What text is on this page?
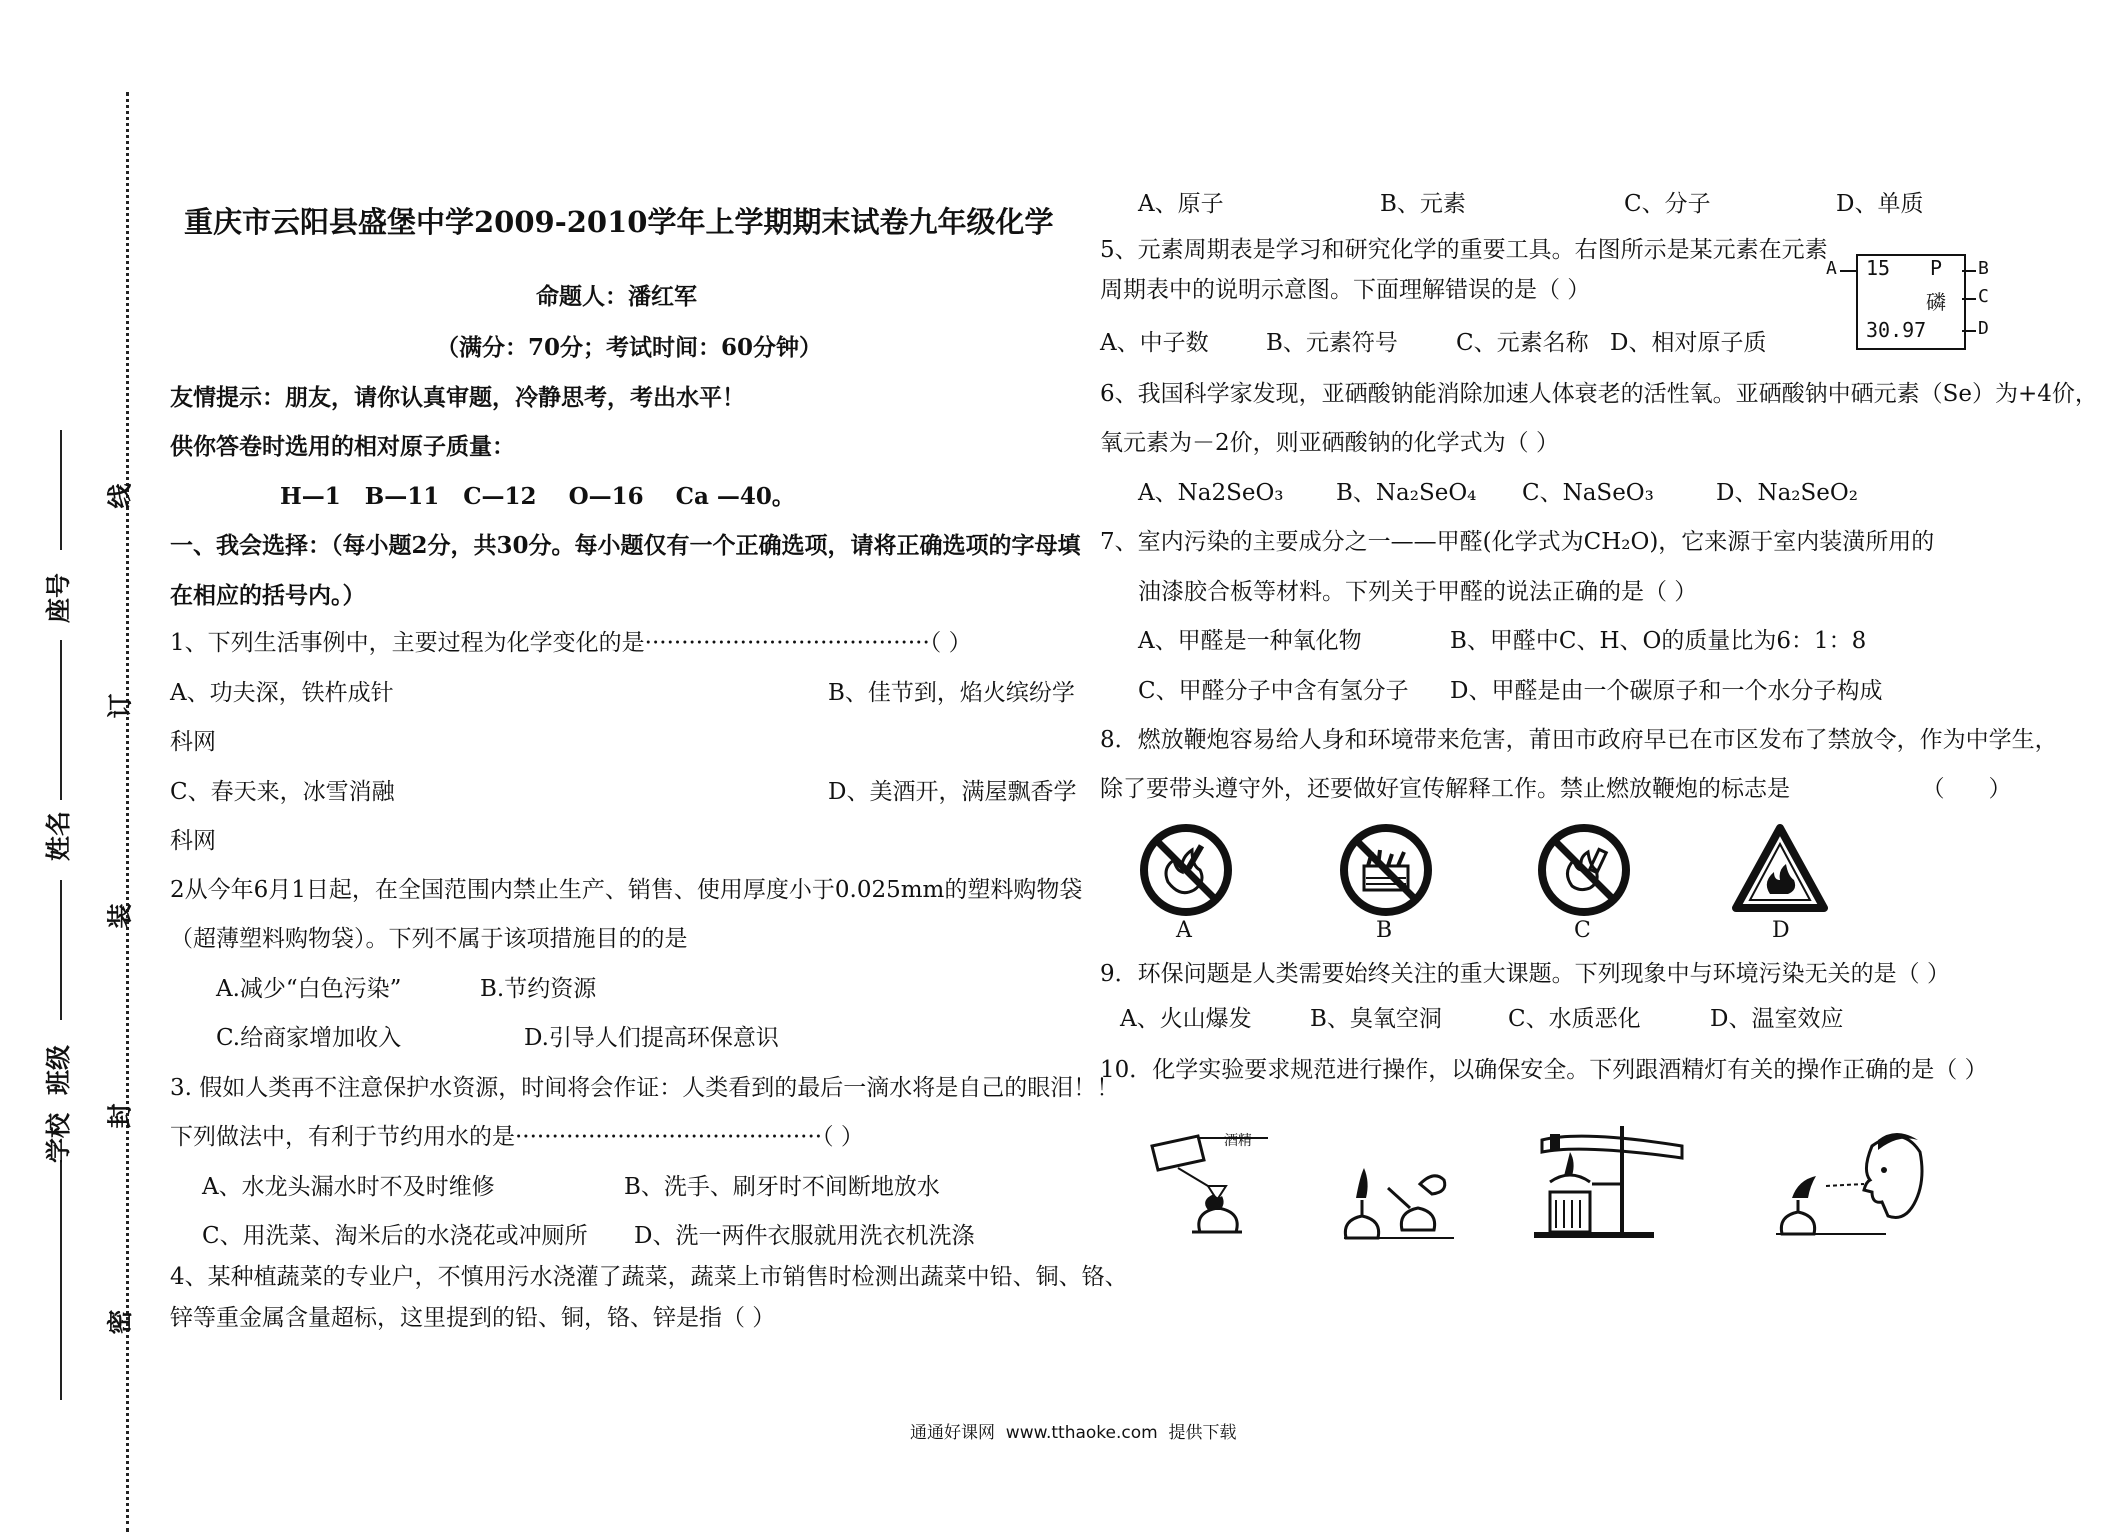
线
订
装
封
密
座号
姓名
班级
学校
重庆市云阳县盛堡中学2009-2010学年上学期期末试卷九年级化学
命题人：潘红军
（满分：70分；考试时间：60分钟）
友情提示：朋友，请你认真审题，冷静思考，考出水平！
供你答卷时选用的相对原子质量：
H—1   B—11   C—12    O—16    Ca —40。
一、我会选择：（每小题2分，共30分。每小题仅有一个正确选项，请将正确选项的字母填
在相应的括号内。）
1、下列生活事例中，主要过程为化学变化的是·······································（ ）
A、功夫深，铁杵成针	B、佳节到，焰火缤纷学
科网
C、春天来，冰雪消融	D、美酒开，满屋飘香学
科网
2从今年6月1日起，在全国范围内禁止生产、销售、使用厚度小于0.025mm的塑料购物袋
（超薄塑料购物袋）。下列不属于该项措施目的的是
A.减少“白色污染”	B.节约资源
C.给商家增加收入	D.引导人们提高环保意识
3. 假如人类再不注意保护水资源，时间将会作证：人类看到的最后一滴水将是自己的眼泪！！
下列做法中，有利于节约用水的是··········································（ ）
A、水龙头漏水时不及时维修	B、洗手、刷牙时不间断地放水
C、用洗菜、淘米后的水浇花或冲厕所 D、洗一两件衣服就用洗衣机洗涤
4、某种植蔬菜的专业户，不慎用污水浇灌了蔬菜，蔬菜上市销售时检测出蔬菜中铅、铜、铬、
锌等重金属含量超标，这里提到的铅、铜，铬、锌是指（ ）
A、原子	B、元素	C、分子	D、单质
5、元素周期表是学习和研究化学的重要工具。右图所示是某元素在元素
周期表中的说明示意图。下面理解错误的是（ ）
A、中子数 B、元素符号	C、元素名称 D、相对原子质
A 15 P
磷
30.97
B
C
D
6、我国科学家发现，亚硒酸钠能消除加速人体衰老的活性氧。亚硒酸钠中硒元素（Se）为+4价，
氧元素为－2价，则亚硒酸钠的化学式为（ ）
A、Na2SeO₃ B、Na₂SeO₄ C、NaSeO₃	D、Na₂SeO₂
7、室内污染的主要成分之一——甲醛(化学式为CH₂O)，它来源于室内装潢所用的
油漆胶合板等材料。下列关于甲醛的说法正确的是（ ）
A、甲醛是一种氧化物	B、甲醛中C、H、O的质量比为6：1：8
C、甲醛分子中含有氢分子 D、甲醛是由一个碳原子和一个水分子构成
8．燃放鞭炮容易给人身和环境带来危害，莆田市政府早已在市区发布了禁放令，作为中学生，
除了要带头遵守外，还要做好宣传解释工作。禁止燃放鞭炮的标志是                  （      ）
A	B	C	D
9．环保问题是人类需要始终关注的重大课题。下列现象中与环境污染无关的是（ ）
A、火山爆发	B、臭氧空洞	C、水质恶化	D、温室效应
10．化学实验要求规范进行操作，以确保安全。下列跟酒精灯有关的操作正确的是（ ）
酒精
通通好课网  www.tthaoke.com  提供下载
